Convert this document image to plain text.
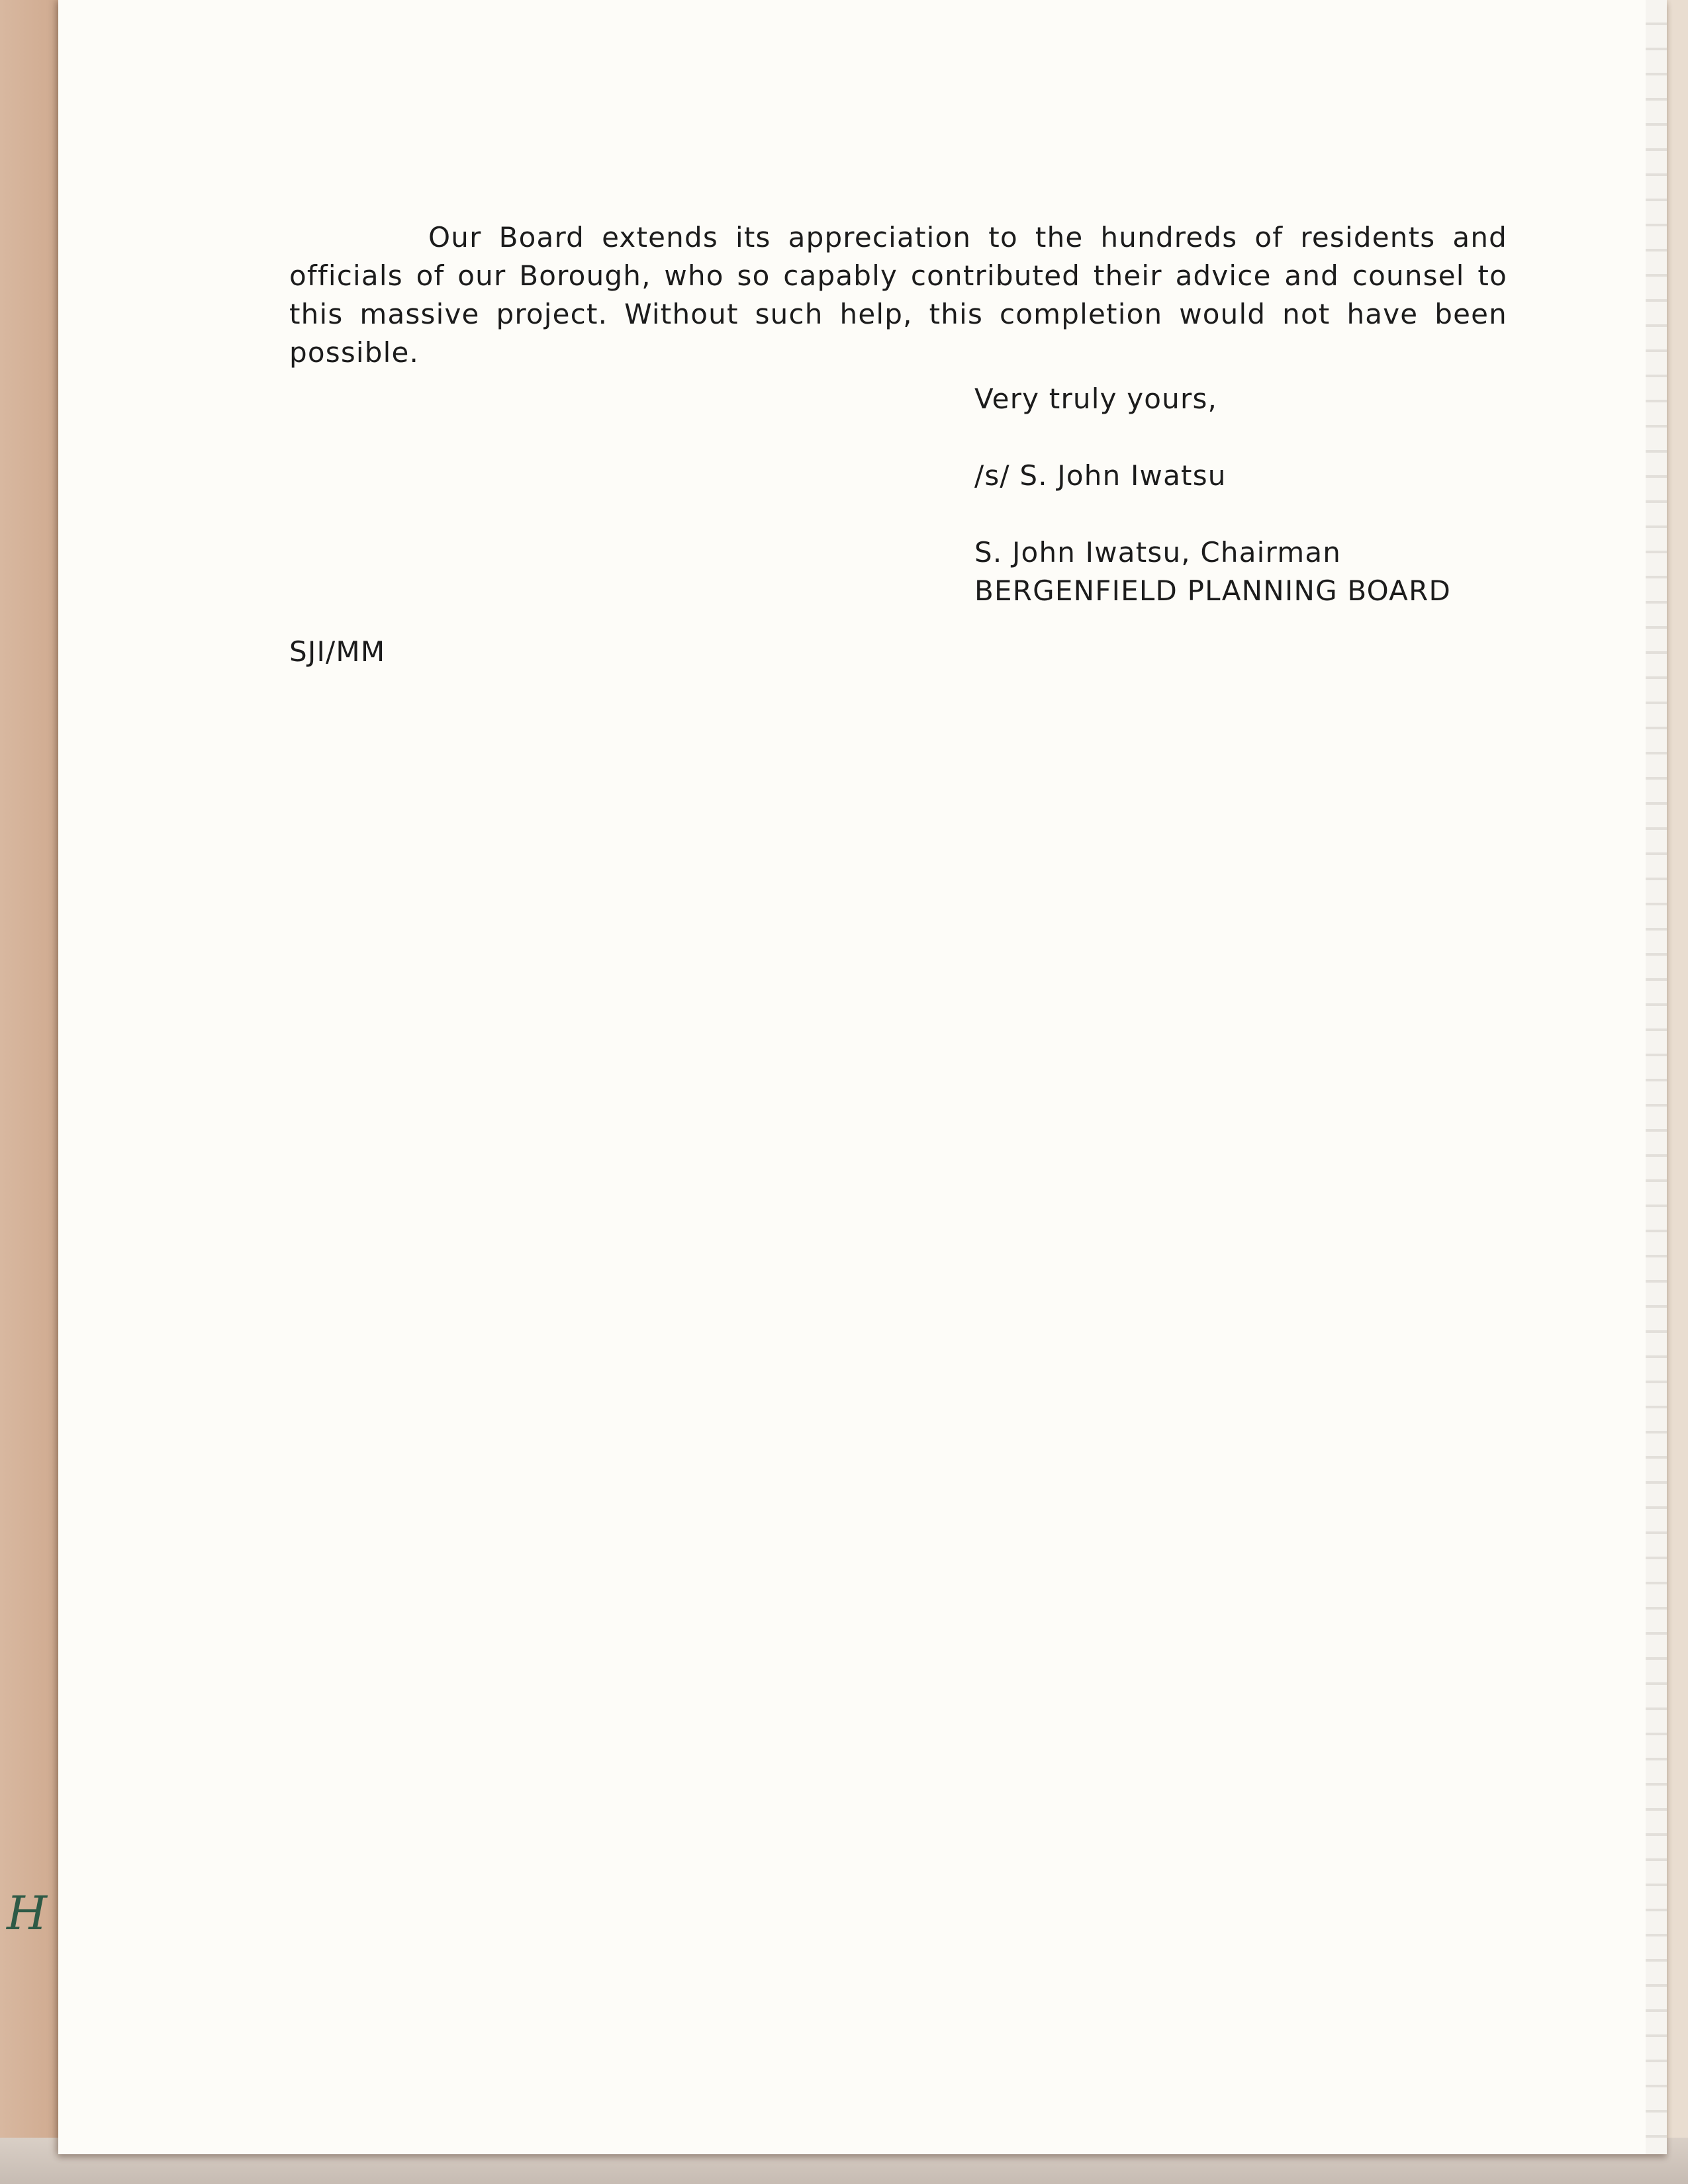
H

Our Board extends its appreciation to the hundreds of residents and officials of our Borough, who so capably contributed their advice and counsel to this massive project. Without such help, this completion would not have been possible.

Very truly yours,
/s/ S. John Iwatsu
S. John Iwatsu, Chairman
BERGENFIELD PLANNING BOARD
SJI/MM
